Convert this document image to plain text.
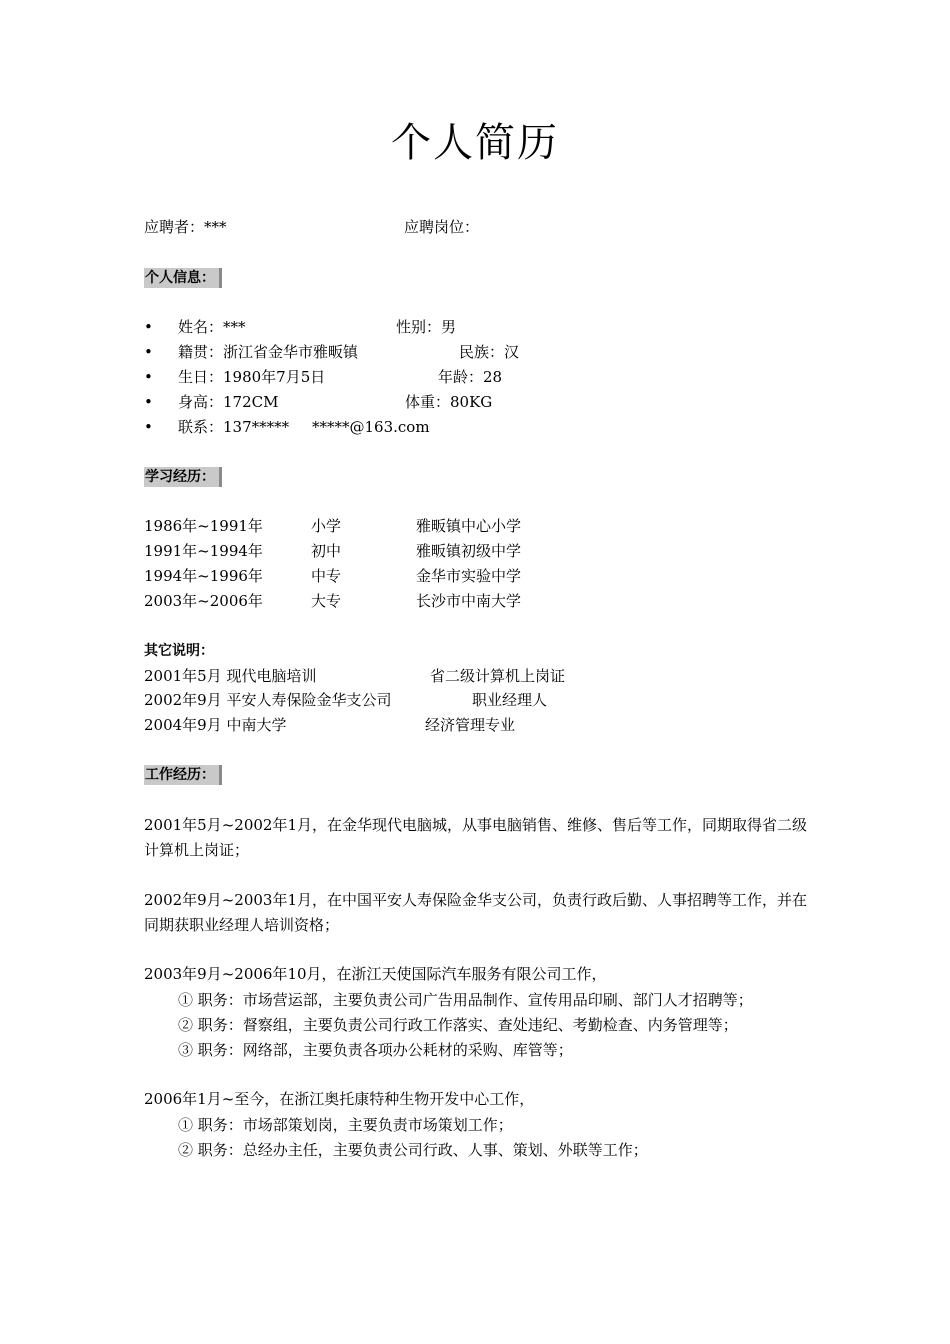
个人简历
应聘者：***	应聘岗位：
个人信息：
• 姓名：***	性别：男
• 籍贯：浙江省金华市雅畈镇	民族：汉
• 生日：1980年7月5日	年龄：28
• 身高：172CM	体重：80KG
• 联系：137***** *****@163.com
学习经历：
1986年~1991年	小学	雅畈镇中心小学
1991年~1994年	初中	雅畈镇初级中学
1994年~1996年	中专	金华市实验中学
2003年~2006年	大专	长沙市中南大学
其它说明：
2001年5月 现代电脑培训	省二级计算机上岗证
2002年9月 平安人寿保险金华支公司	职业经理人
2004年9月 中南大学	经济管理专业
工作经历：
2001年5月~2002年1月，在金华现代电脑城，从事电脑销售、维修、售后等工作，同期取得省二级计算机上岗证；
2002年9月~2003年1月，在中国平安人寿保险金华支公司，负责行政后勤、人事招聘等工作，并在同期获职业经理人培训资格；
2003年9月~2006年10月，在浙江天使国际汽车服务有限公司工作，
① 职务：市场营运部，主要负责公司广告用品制作、宣传用品印刷、部门人才招聘等；
② 职务：督察组，主要负责公司行政工作落实、查处违纪、考勤检查、内务管理等；
③ 职务：网络部，主要负责各项办公耗材的采购、库管等；
2006年1月~至今，在浙江奥托康特种生物开发中心工作，
① 职务：市场部策划岗，主要负责市场策划工作；
② 职务：总经办主任，主要负责公司行政、人事、策划、外联等工作；
